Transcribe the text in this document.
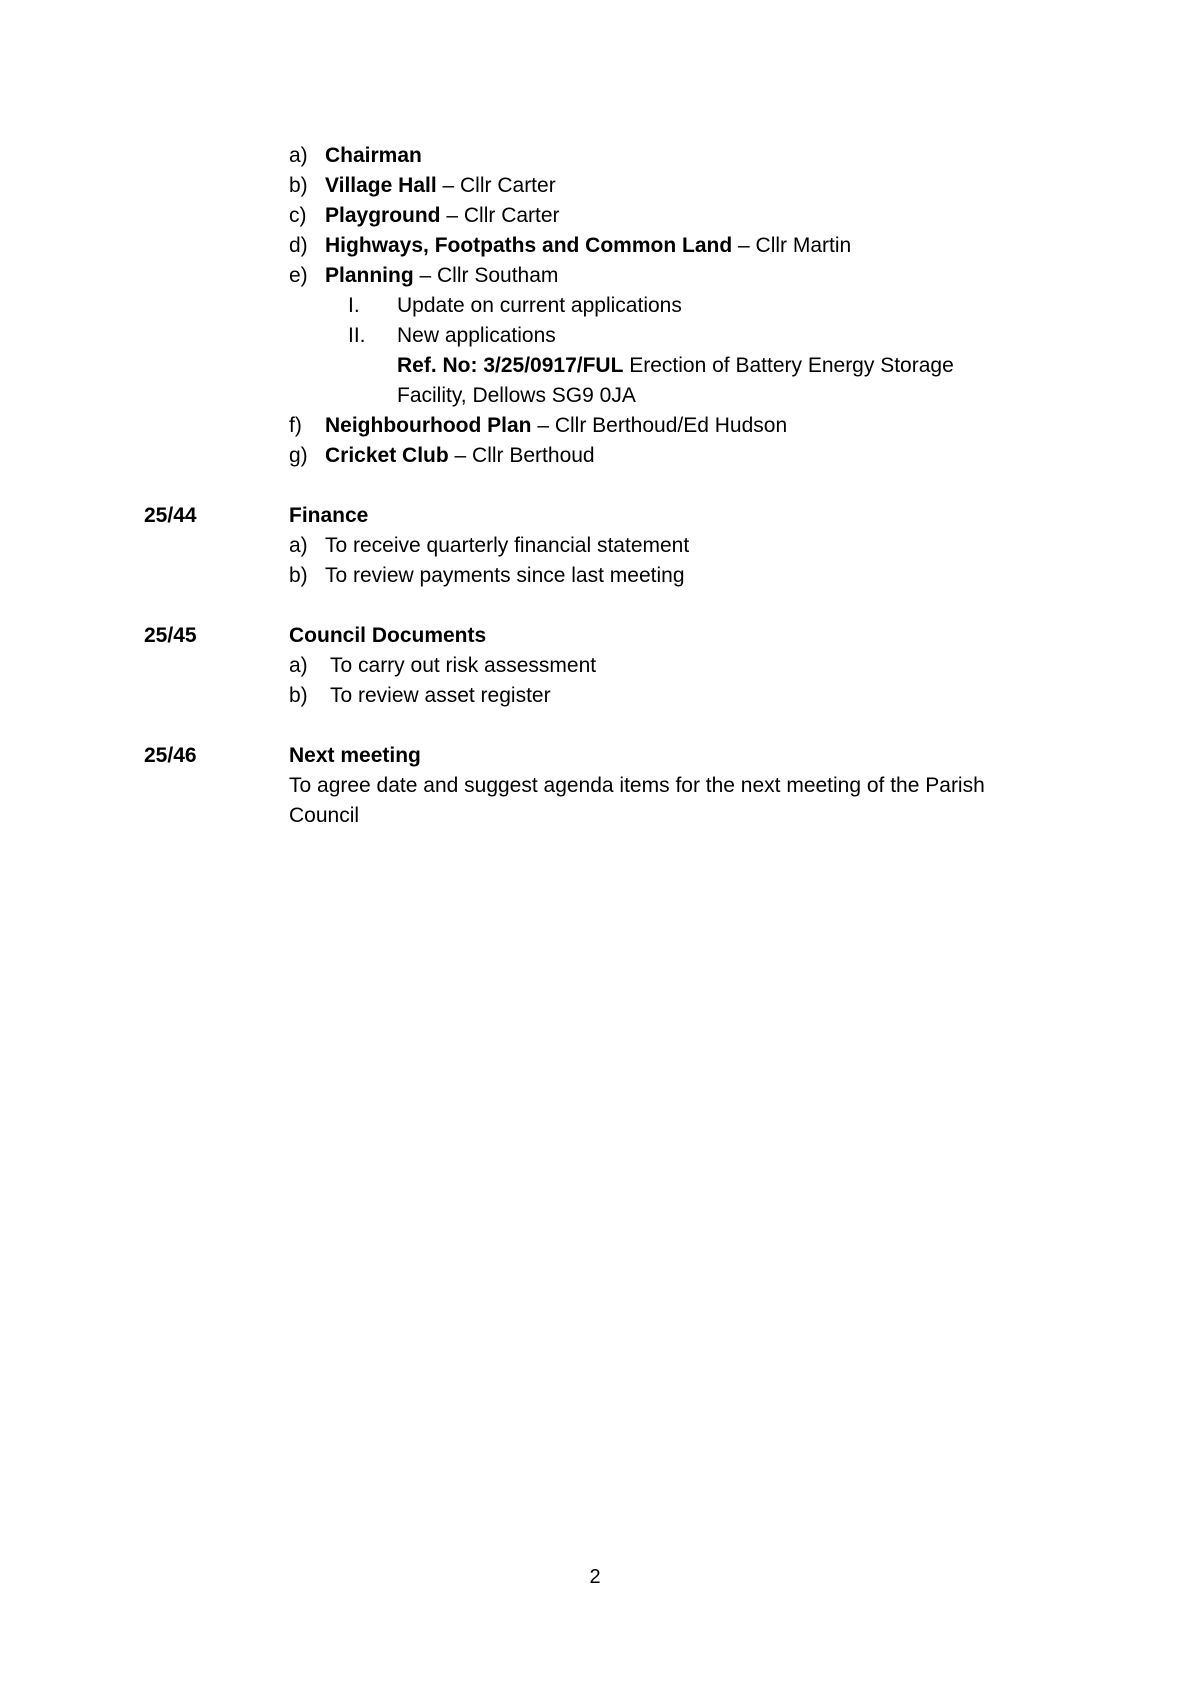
a) Chairman
b) Village Hall – Cllr Carter
c) Playground – Cllr Carter
d) Highways, Footpaths and Common Land – Cllr Martin
e) Planning – Cllr Southam
I. Update on current applications
II. New applications
Ref. No: 3/25/0917/FUL Erection of Battery Energy Storage
Facility, Dellows SG9 0JA
f) Neighbourhood Plan – Cllr Berthoud/Ed Hudson
g) Cricket Club – Cllr Berthoud
25/44	Finance
a) To receive quarterly financial statement
b) To review payments since last meeting
25/45	Council Documents
a) To carry out risk assessment
b) To review asset register
25/46	Next meeting
To agree date and suggest agenda items for the next meeting of the Parish
Council
2
